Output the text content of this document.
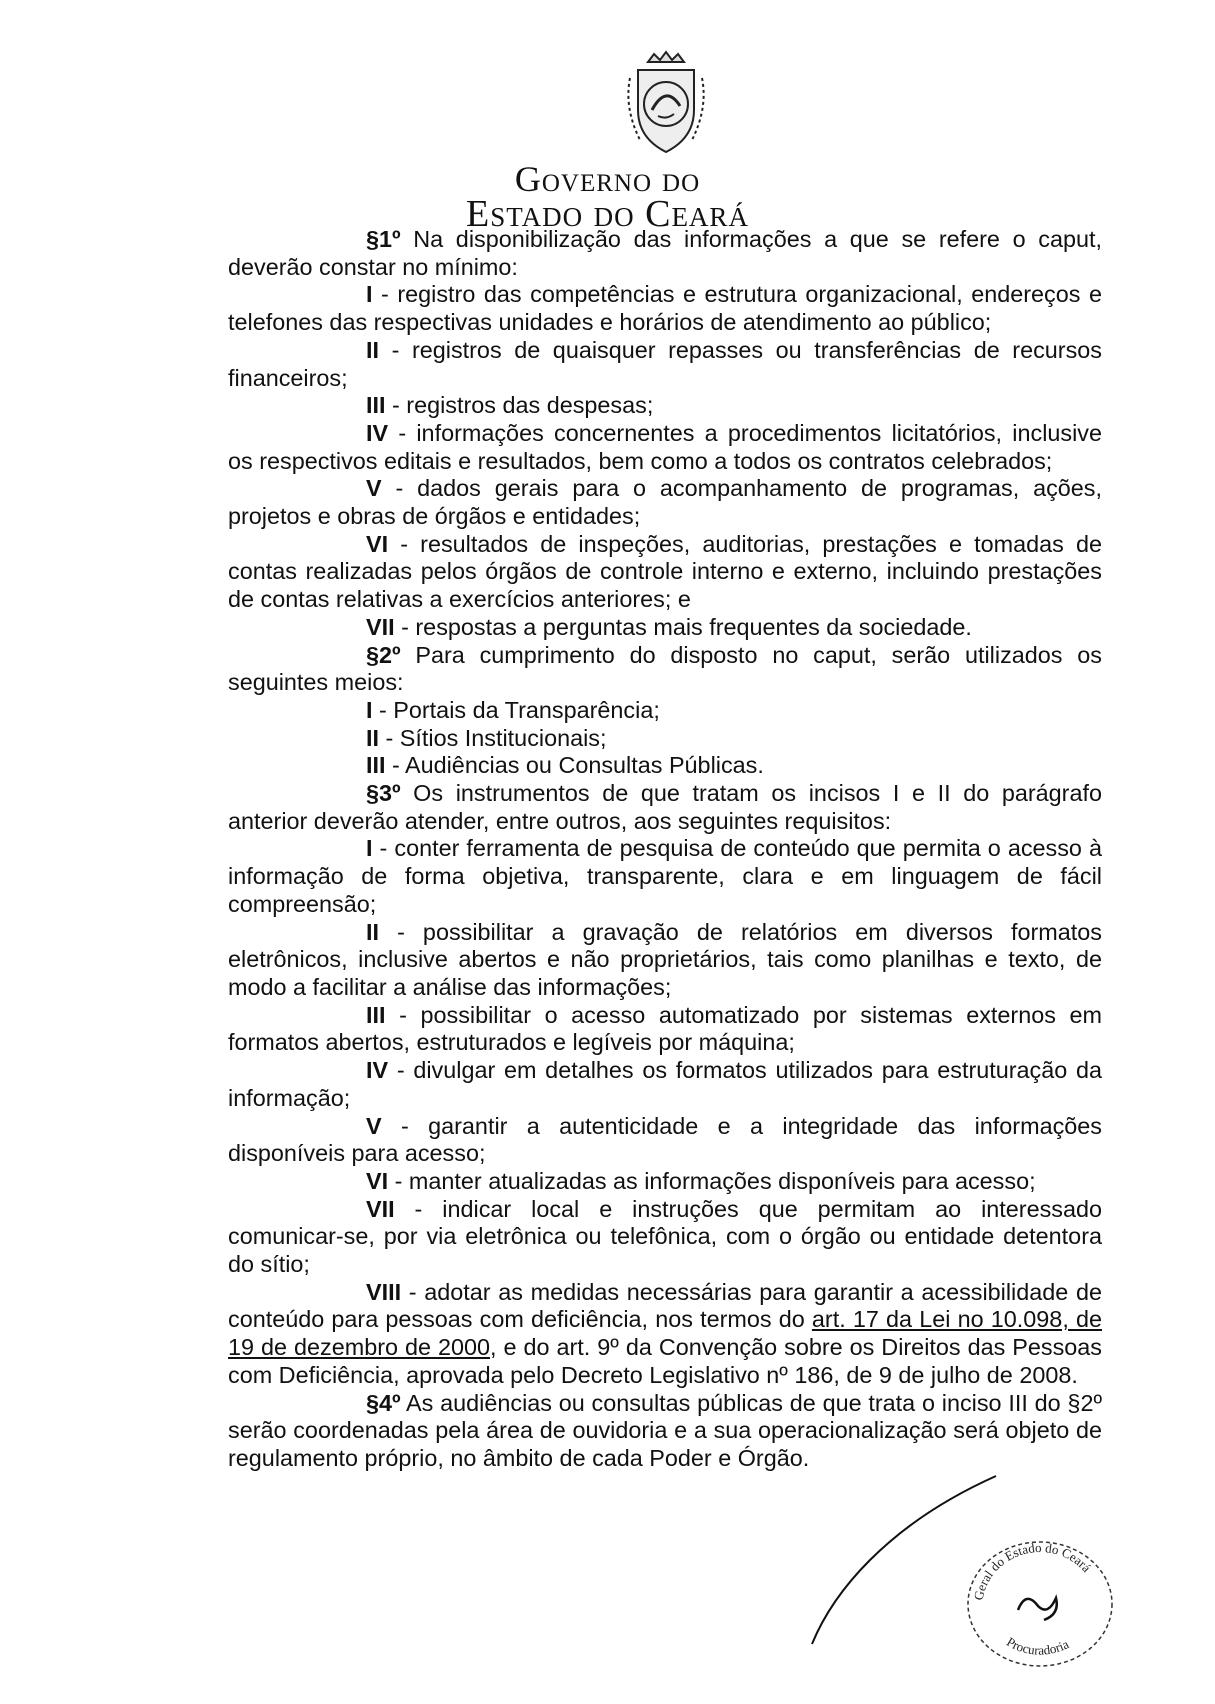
Governo do
Estado do Ceará

§1º Na disponibilização das informações a que se refere o caput, deverão constar no mínimo:

I - registro das competências e estrutura organizacional, endereços e telefones das respectivas unidades e horários de atendimento ao público;

II - registros de quaisquer repasses ou transferências de recursos financeiros;

III - registros das despesas;

IV - informações concernentes a procedimentos licitatórios, inclusive os respectivos editais e resultados, bem como a todos os contratos celebrados;

V - dados gerais para o acompanhamento de programas, ações, projetos e obras de órgãos e entidades;

VI - resultados de inspeções, auditorias, prestações e tomadas de contas realizadas pelos órgãos de controle interno e externo, incluindo prestações de contas relativas a exercícios anteriores; e

VII - respostas a perguntas mais frequentes da sociedade.

§2º Para cumprimento do disposto no caput, serão utilizados os seguintes meios:

I - Portais da Transparência;

II - Sítios Institucionais;

III - Audiências ou Consultas Públicas.

§3º Os instrumentos de que tratam os incisos I e II do parágrafo anterior deverão atender, entre outros, aos seguintes requisitos:

I - conter ferramenta de pesquisa de conteúdo que permita o acesso à informação de forma objetiva, transparente, clara e em linguagem de fácil compreensão;

II - possibilitar a gravação de relatórios em diversos formatos eletrônicos, inclusive abertos e não proprietários, tais como planilhas e texto, de modo a facilitar a análise das informações;

III - possibilitar o acesso automatizado por sistemas externos em formatos abertos, estruturados e legíveis por máquina;

IV - divulgar em detalhes os formatos utilizados para estruturação da informação;

V - garantir a autenticidade e a integridade das informações disponíveis para acesso;

VI - manter atualizadas as informações disponíveis para acesso;

VII - indicar local e instruções que permitam ao interessado comunicar-se, por via eletrônica ou telefônica, com o órgão ou entidade detentora do sítio;

VIII - adotar as medidas necessárias para garantir a acessibilidade de conteúdo para pessoas com deficiência, nos termos do art. 17 da Lei no 10.098, de 19 de dezembro de 2000, e do art. 9º da Convenção sobre os Direitos das Pessoas com Deficiência, aprovada pelo Decreto Legislativo nº 186, de 9 de julho de 2008.

§4º As audiências ou consultas públicas de que trata o inciso III do §2º serão coordenadas pela área de ouvidoria e a sua operacionalização será objeto de regulamento próprio, no âmbito de cada Poder e Órgão.

Geral do Estado do Ceará
Procuradoria
